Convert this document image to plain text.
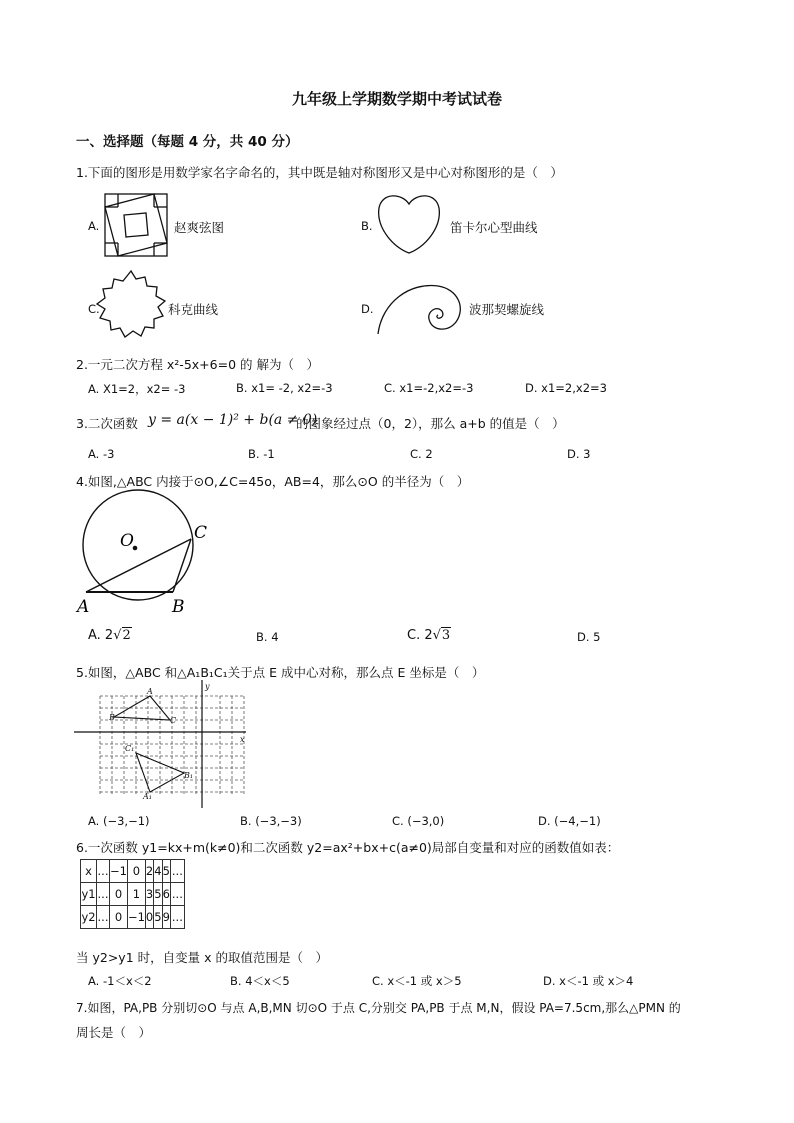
九年级上学期数学期中考试试卷
一、选择题（每题 4 分，共 40 分）
1.下面的图形是用数学家名字命名的，其中既是轴对称图形又是中心对称图形的是（　）
A.	赵爽弦图	B.	笛卡尔心型曲线
C.	科克曲线	D.	波那契螺旋线
2.一元二次方程 x²-5x+6=0 的 解为（　）
A. X1=2，x2= -3	B. x1= -2, x2=-3	C. x1=-2,x2=-3	D. x1=2,x2=3
3.二次函数 y = a(x − 1)² + b(a ≠ 0)
的图象经过点（0，2），那么 a+b 的值是（　）
A. -3	B. -1	C. 2	D. 3
4.如图,△ABC 内接于⊙O,∠C=45o，AB=4，那么⊙O 的半径为（　）
O	C
A	B
A. 2√2	B. 4	C. 2√3	D. 5
5.如图，△ABC 和△A₁B₁C₁关于点 E 成中心对称，那么点 E 坐标是（　）
y
x
A
B	C
C₁
B₁
A₁
A. (−3,−1)	B. (−3,−3)	C. (−3,0)	D. (−4,−1)
6.一次函数 y1=kx+m(k≠0)和二次函数 y2=ax²+bx+c(a≠0)局部自变量和对应的函数值如表：
x	...	−1	0	2	4	5	...
y1	...	0	1	3	5	6	...
y2	...	0	−1	0	5	9	...
当 y2>y1 时，自变量 x 的取值范围是（　）
A. -1＜x＜2	B. 4＜x＜5	C. x＜-1 或 x＞5	D. x＜-1 或 x＞4
7.如图，PA,PB 分别切⊙O 与点 A,B,MN 切⊙O 于点 C,分别交 PA,PB 于点 M,N，假设 PA=7.5cm,那么△PMN 的
周长是（　）
